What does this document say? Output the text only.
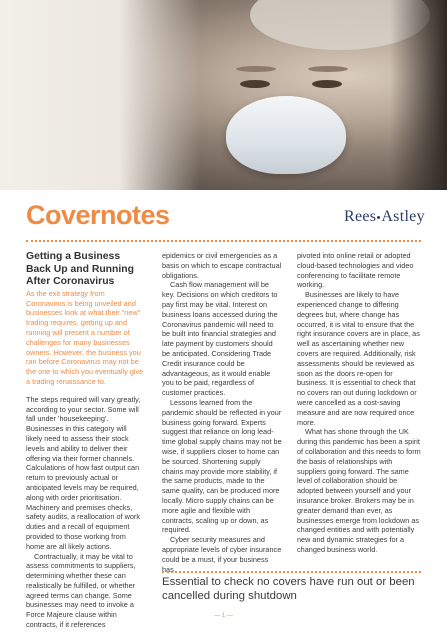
Covernotes	Rees Astley

Getting a Business Back Up and Running After Coronavirus

As the exit strategy from Coronavirus is being unveiled and businesses look at what their "new" trading requires, getting up and running will present a number of challenges for many businesses owners. However, the business you ran before Coronavirus may not be the one to which you eventually give a trading renaissance to.

The steps required will vary greatly, according to your sector. Some will fall under 'housekeeping'. Businesses in this category will likely need to assess their stock levels and ability to deliver their offering via their former channels. Calculations of how fast output can return to previously actual or anticipated levels may be required, along with order prioritisation. Machinery and premises checks, safety audits, a reallocation of work duties and a recall of equipment provided to those working from home are all likely actions.

Contractually, it may be vital to assess commitments to suppliers, determining whether these can realistically be fulfilled, or whether agreed terms can change. Some businesses may need to invoke a Force Majeure clause within contracts, if it references

epidemics or civil emergencies as a basis on which to escape contractual obligations.

Cash flow management will be key. Decisions on which creditors to pay first may be vital. Interest on business loans accessed during the Coronavirus pandemic will need to be built into financial strategies and late payment by customers should be anticipated. Considering Trade Credit insurance could be advantageous, as it would enable you to be paid, regardless of customer practices.

Lessons learned from the pandemic should be reflected in your business going forward. Experts suggest that reliance on long lead-time global supply chains may not be wise, if suppliers closer to home can be sourced. Shortening supply chains may provide more stability, if the same products, made to the same quality, can be produced more locally. Micro supply chains can be more agile and flexible with contracts, scaling up or down, as required.

Cyber security measures and appropriate levels of cyber insurance could be a must, if your business has

pivoted into online retail or adopted cloud-based technologies and video conferencing to facilitate remote working.

Businesses are likely to have experienced change to differing degrees but, where change has occurred, it is vital to ensure that the right insurance covers are in place, as well as ascertaining whether new covers are required. Additionally, risk assessments should be reviewed as soon as the doors re-open for business. It is essential to check that no covers ran out during lockdown or were cancelled as a cost-saving measure and are now required once more.

What has shone through the UK during this pandemic has been a spirit of collaboration and this needs to form the basis of relationships with suppliers going forward. The same level of collaboration should be adopted between yourself and your insurance broker. Brokers may be in greater demand than ever, as businesses emerge from lockdown as changed entities and with potentially new and dynamic strategies for a changed business world.

Essential to check no covers have run out or been cancelled during shutdown
— 1 —
